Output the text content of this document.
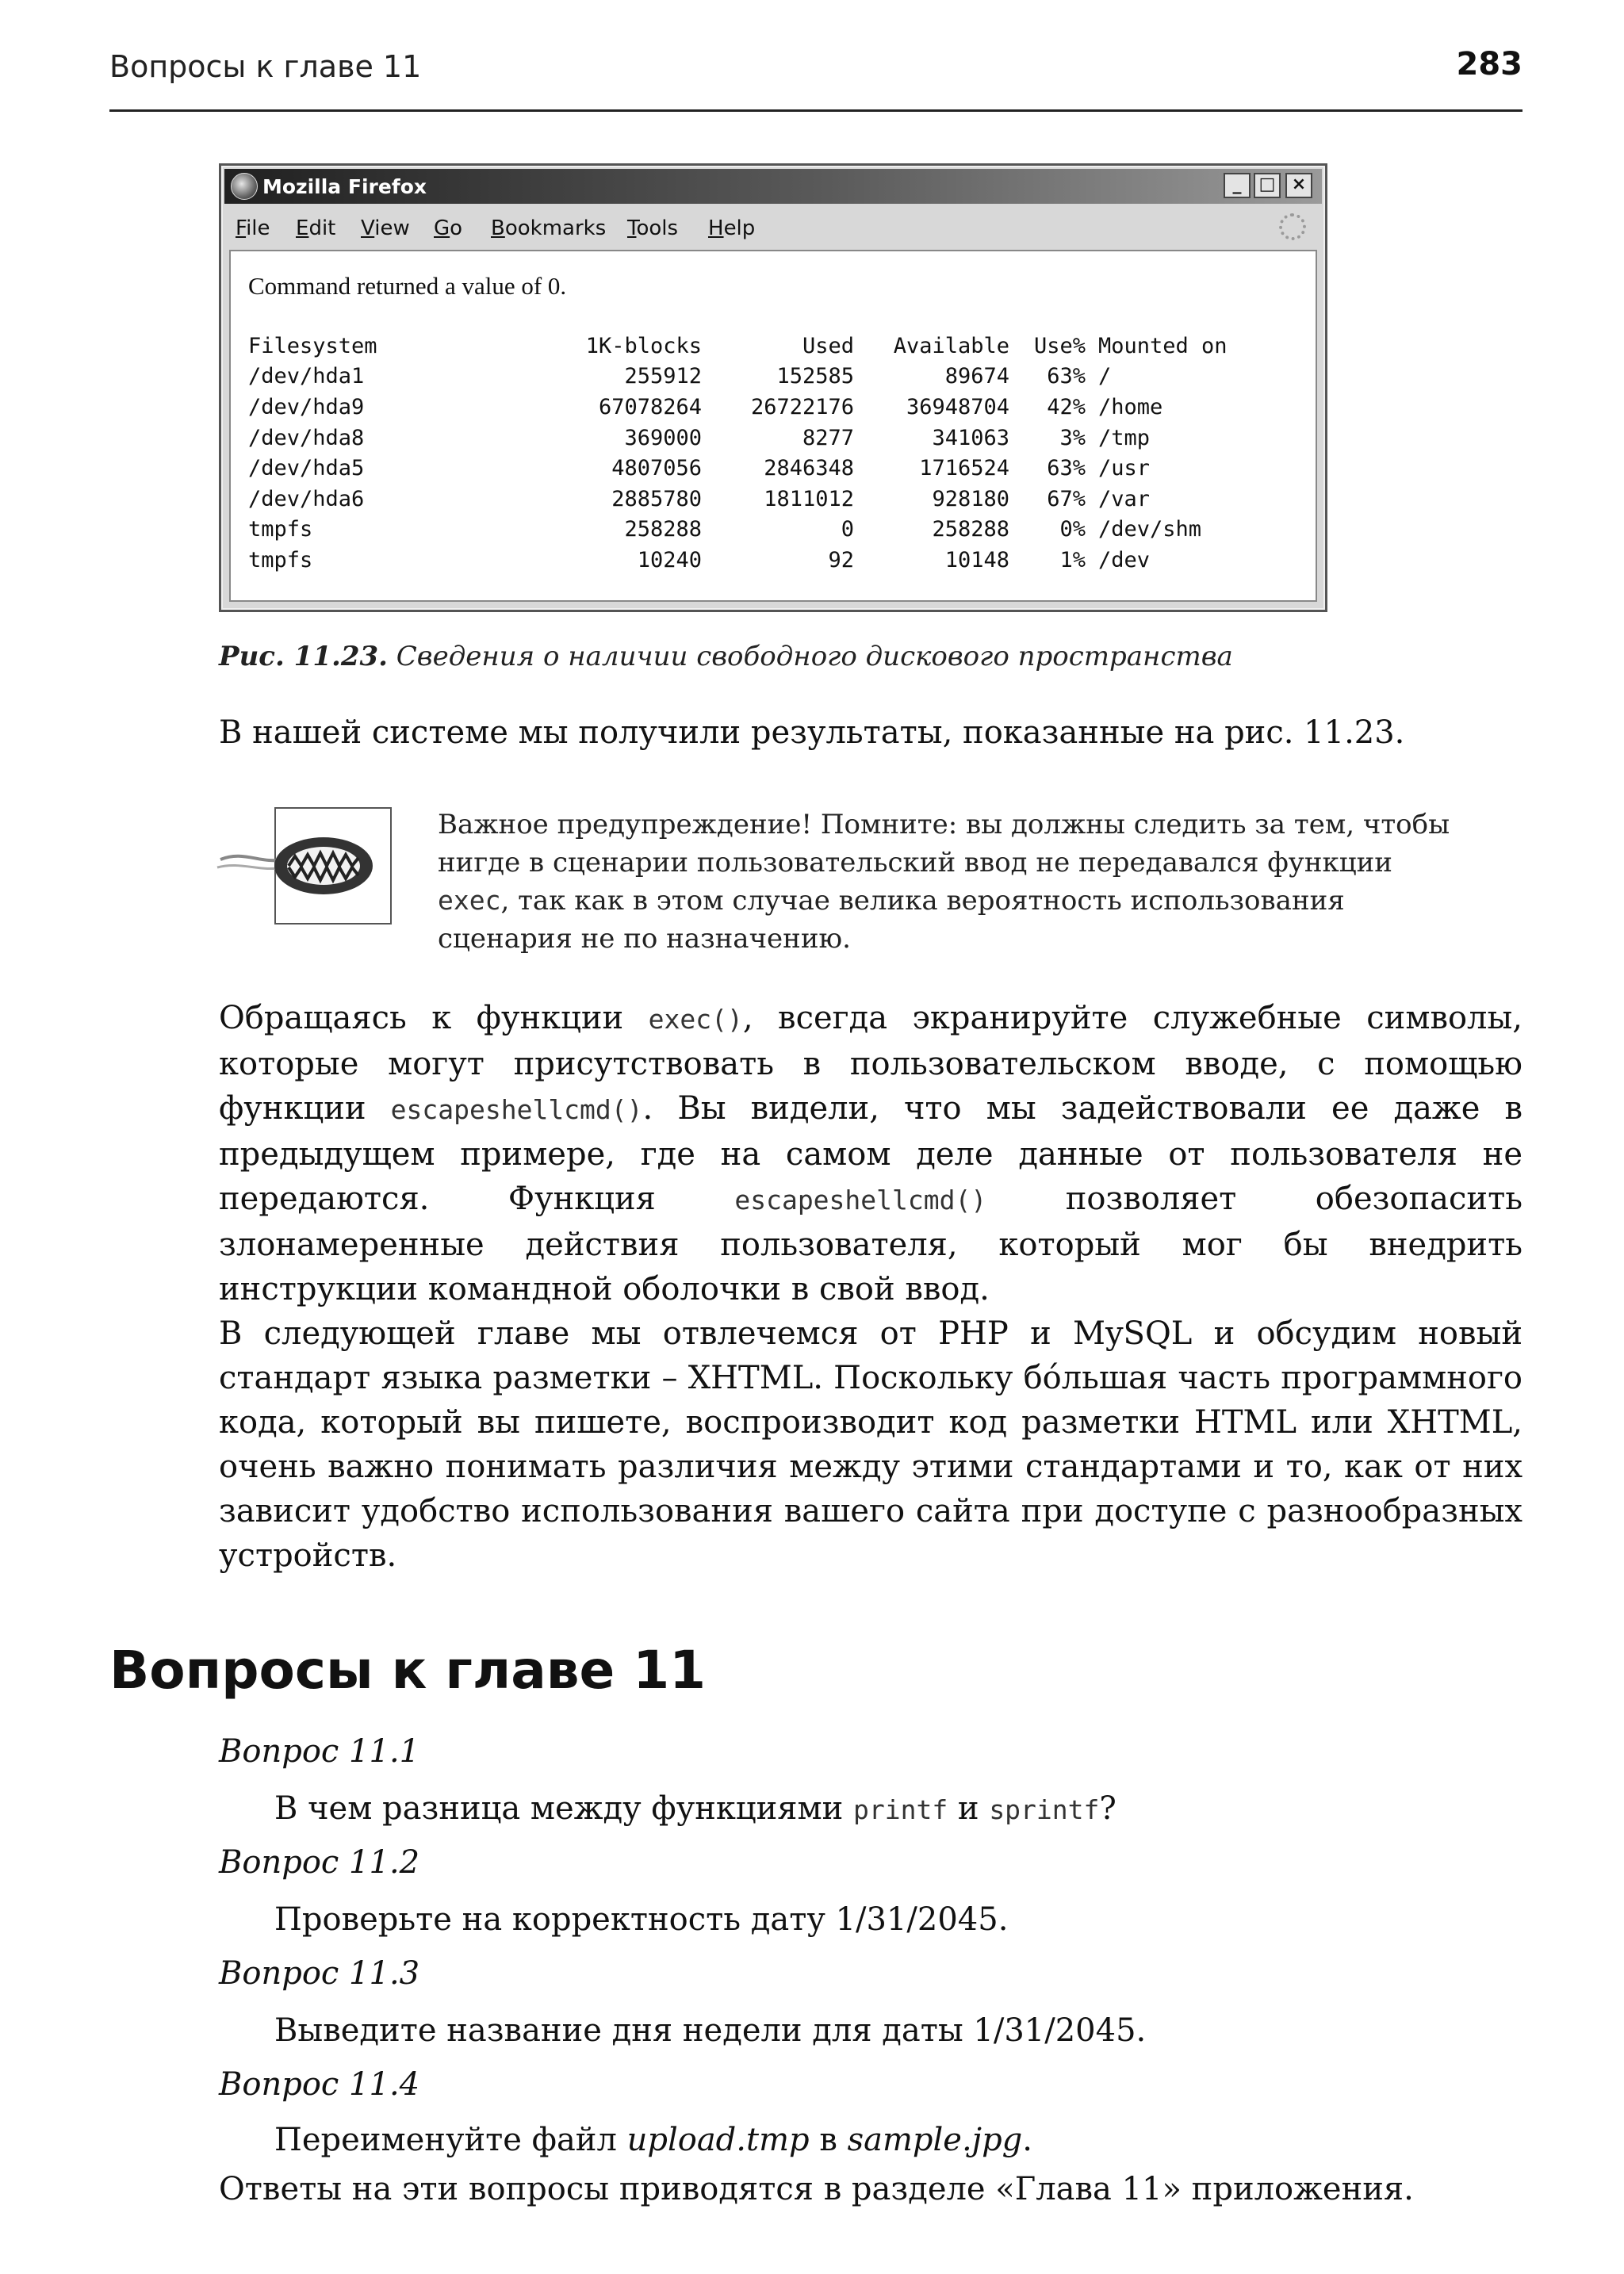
Вопросы к главе 11	283
Mozilla Firefox	_	□ ×
File Edit View Go Bookmarks Tools Help
Command returned a value of 0.
Filesystem	1K-blocks	Used	Available	Use%	Mounted on
/dev/hda1	255912	152585	89674	63%	/
/dev/hda9	67078264	26722176	36948704	42%	/home
/dev/hda8	369000	8277	341063	3%	/tmp
/dev/hda5	4807056	2846348	1716524	63%	/usr
/dev/hda6	2885780	1811012	928180	67%	/var
tmpfs	258288	0	258288	0%	/dev/shm
tmpfs	10240	92	10148	1%	/dev
Рис. 11.23. Сведения о наличии свободного дискового пространства
В нашей системе мы получили результаты, показанные на рис. 11.23.
Важное предупреждение! Помните: вы должны следить за тем, чтобы нигде в сценарии пользовательский ввод не передавался функции exec, так как в этом случае велика вероятность использования сценария не по назначению.
Обращаясь к функции exec(), всегда экранируйте служебные символы, которые могут присутствовать в пользовательском вводе, с помощью функции escapeshellcmd(). Вы видели, что мы задействовали ее даже в предыдущем примере, где на самом деле данные от пользователя не передаются. Функция escapeshellcmd() позволяет обезопасить злонамеренные действия пользователя, который мог бы внедрить инструкции командной оболочки в свой ввод.
В следующей главе мы отвлечемся от PHP и MySQL и обсудим новый стандарт языка разметки – XHTML. Поскольку бо́льшая часть программного кода, который вы пишете, воспроизводит код разметки HTML или XHTML, очень важно понимать различия между этими стандартами и то, как от них зависит удобство использования вашего сайта при доступе с разнообразных устройств.
Вопросы к главе 11
Вопрос 11.1
В чем разница между функциями printf и sprintf?
Вопрос 11.2
Проверьте на корректность дату 1/31/2045.
Вопрос 11.3
Выведите название дня недели для даты 1/31/2045.
Вопрос 11.4
Переименуйте файл upload.tmp в sample.jpg.
Ответы на эти вопросы приводятся в разделе «Глава 11» приложения.
